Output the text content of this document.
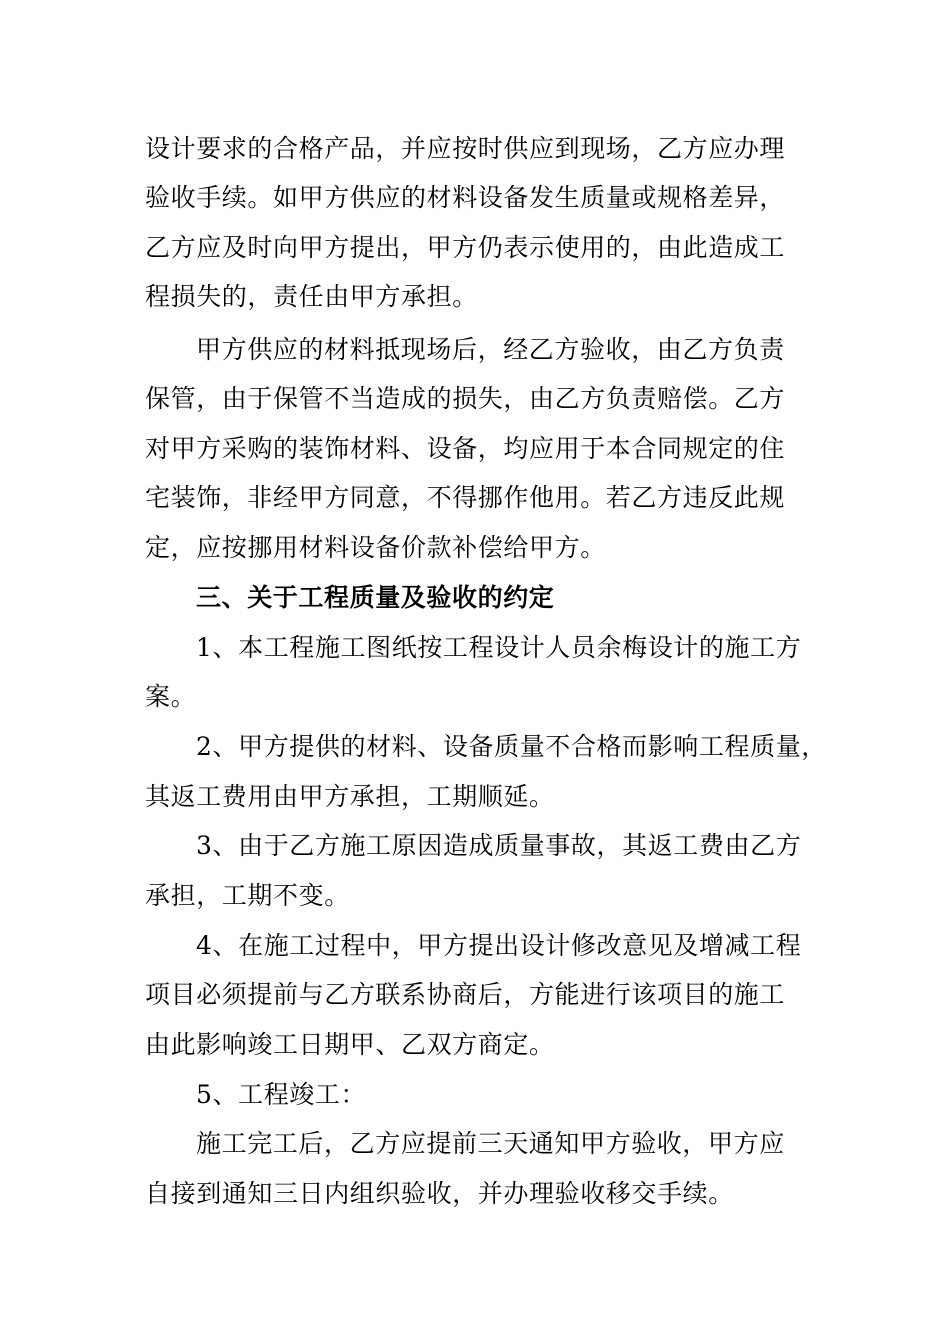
设计要求的合格产品，并应按时供应到现场，乙方应办理
验收手续。如甲方供应的材料设备发生质量或规格差异，
乙方应及时向甲方提出，甲方仍表示使用的，由此造成工
程损失的，责任由甲方承担。
甲方供应的材料抵现场后，经乙方验收，由乙方负责
保管，由于保管不当造成的损失，由乙方负责赔偿。乙方
对甲方采购的装饰材料、设备，均应用于本合同规定的住
宅装饰，非经甲方同意，不得挪作他用。若乙方违反此规
定，应按挪用材料设备价款补偿给甲方。
三、关于工程质量及验收的约定
1、本工程施工图纸按工程设计人员余梅设计的施工方
案。
2、甲方提供的材料、设备质量不合格而影响工程质量，
其返工费用由甲方承担，工期顺延。
3、由于乙方施工原因造成质量事故，其返工费由乙方
承担，工期不变。
4、在施工过程中，甲方提出设计修改意见及增减工程
项目必须提前与乙方联系协商后，方能进行该项目的施工
由此影响竣工日期甲、乙双方商定。
5、工程竣工：
施工完工后，乙方应提前三天通知甲方验收，甲方应
自接到通知三日内组织验收，并办理验收移交手续。
